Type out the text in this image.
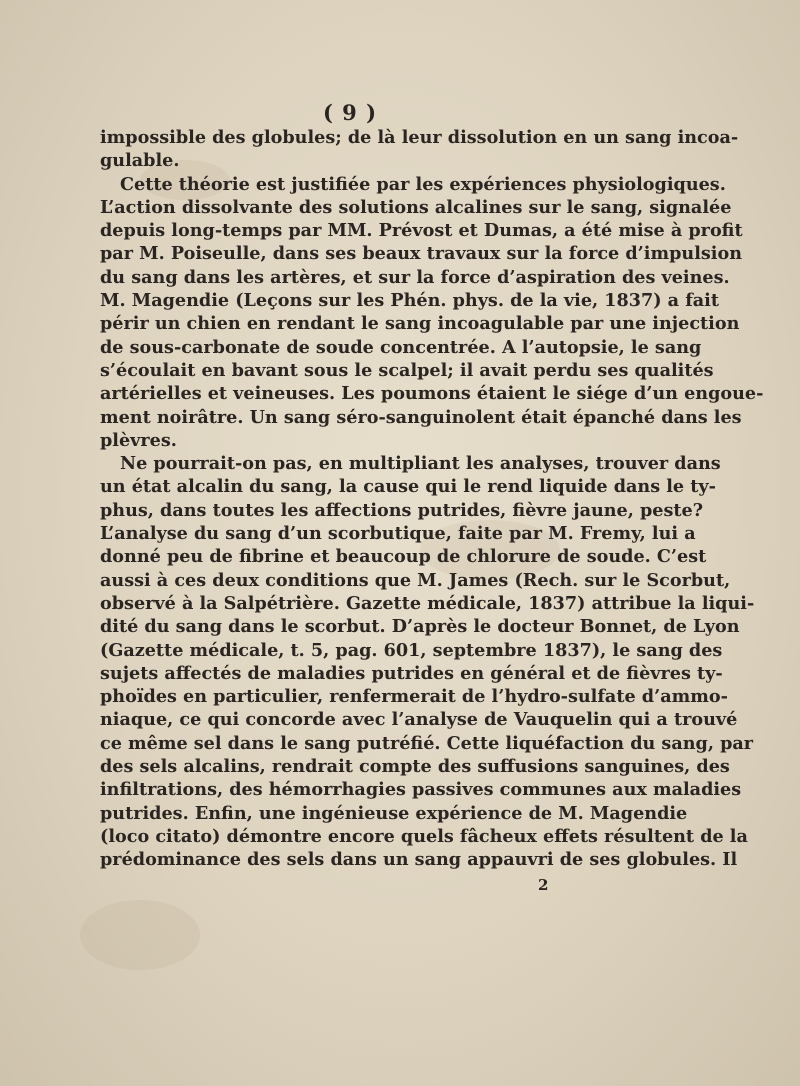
( 9 )
impossible des globules; de là leur dissolution en un sang incoa-
gulable.
Cette théorie est justifiée par les expériences physiologiques.
L’action dissolvante des solutions alcalines sur le sang, signalée
depuis long-temps par MM. Prévost et Dumas, a été mise à profit
par M. Poiseulle, dans ses beaux travaux sur la force d’impulsion
du sang dans les artères, et sur la force d’aspiration des veines.
M. Magendie (Leçons sur les Phén. phys. de la vie, 1837) a fait
périr un chien en rendant le sang incoagulable par une injection
de sous-carbonate de soude concentrée. A l’autopsie, le sang
s’écoulait en bavant sous le scalpel; il avait perdu ses qualités
artérielles et veineuses. Les poumons étaient le siége d’un engoue-
ment noirâtre. Un sang séro-sanguinolent était épanché dans les
plèvres.
Ne pourrait-on pas, en multipliant les analyses, trouver dans
un état alcalin du sang, la cause qui le rend liquide dans le ty-
phus, dans toutes les affections putrides, fièvre jaune, peste?
L’analyse du sang d’un scorbutique, faite par M. Fremy, lui a
donné peu de fibrine et beaucoup de chlorure de soude. C’est
aussi à ces deux conditions que M. James (Rech. sur le Scorbut,
observé à la Salpétrière. Gazette médicale, 1837) attribue la liqui-
dité du sang dans le scorbut. D’après le docteur Bonnet, de Lyon
(Gazette médicale, t. 5, pag. 601, septembre 1837), le sang des
sujets affectés de maladies putrides en général et de fièvres ty-
phoïdes en particulier, renfermerait de l’hydro-sulfate d’ammo-
niaque, ce qui concorde avec l’analyse de Vauquelin qui a trouvé
ce même sel dans le sang putréfié. Cette liquéfaction du sang, par
des sels alcalins, rendrait compte des suffusions sanguines, des
infiltrations, des hémorrhagies passives communes aux maladies
putrides. Enfin, une ingénieuse expérience de M. Magendie
(loco citato) démontre encore quels fâcheux effets résultent de la
prédominance des sels dans un sang appauvri de ses globules. Il
2
